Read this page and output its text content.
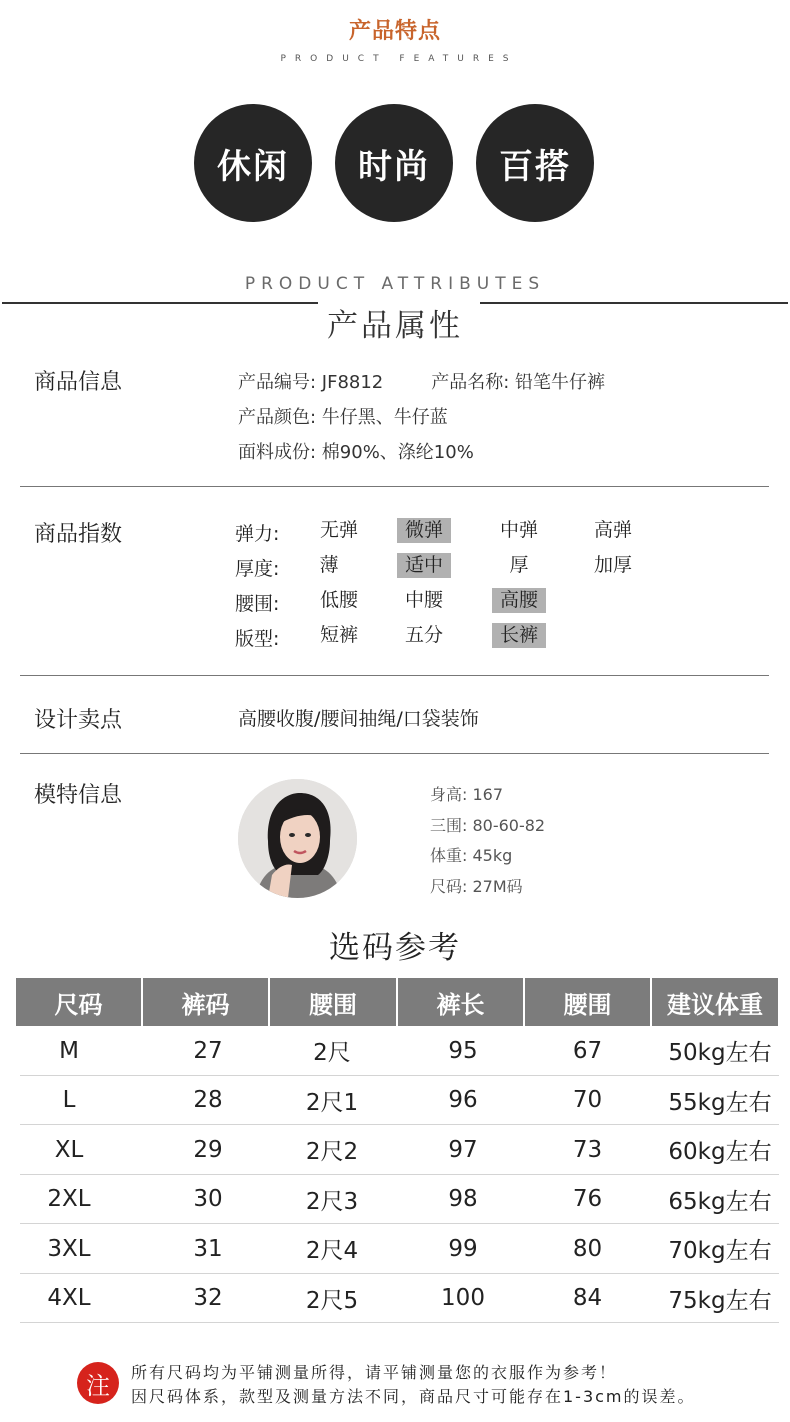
产品特点
PRODUCT FEATURES
休闲	时尚	百搭
PRODUCT ATTRIBUTES
产品属性
商品信息	产品编号: JF8812	产品名称: 铅笔牛仔裤
产品颜色: 牛仔黑、牛仔蓝
面料成份: 棉90%、涤纶10%
商品指数	弹力:	无弹	微弹	中弹	高弹
厚度:	薄	适中	厚	加厚
腰围:	低腰	中腰	高腰
版型:	短裤	五分	长裤
设计卖点	高腰收腹/腰间抽绳/口袋装饰
模特信息	身高: 167
三围: 80-60-82
体重: 45kg
尺码: 27M码
选码参考
尺码	裤码	腰围	裤长	腰围	建议体重
M	27	2尺	95	67	50kg左右
L	28	2尺1	96	70	55kg左右
XL	29	2尺2	97	73	60kg左右
2XL	30	2尺3	98	76	65kg左右
3XL	31	2尺4	99	80	70kg左右
4XL	32	2尺5	100	84	75kg左右
注	所有尺码均为平铺测量所得，请平铺测量您的衣服作为参考！
因尺码体系，款型及测量方法不同，商品尺寸可能存在1-3cm的误差。
